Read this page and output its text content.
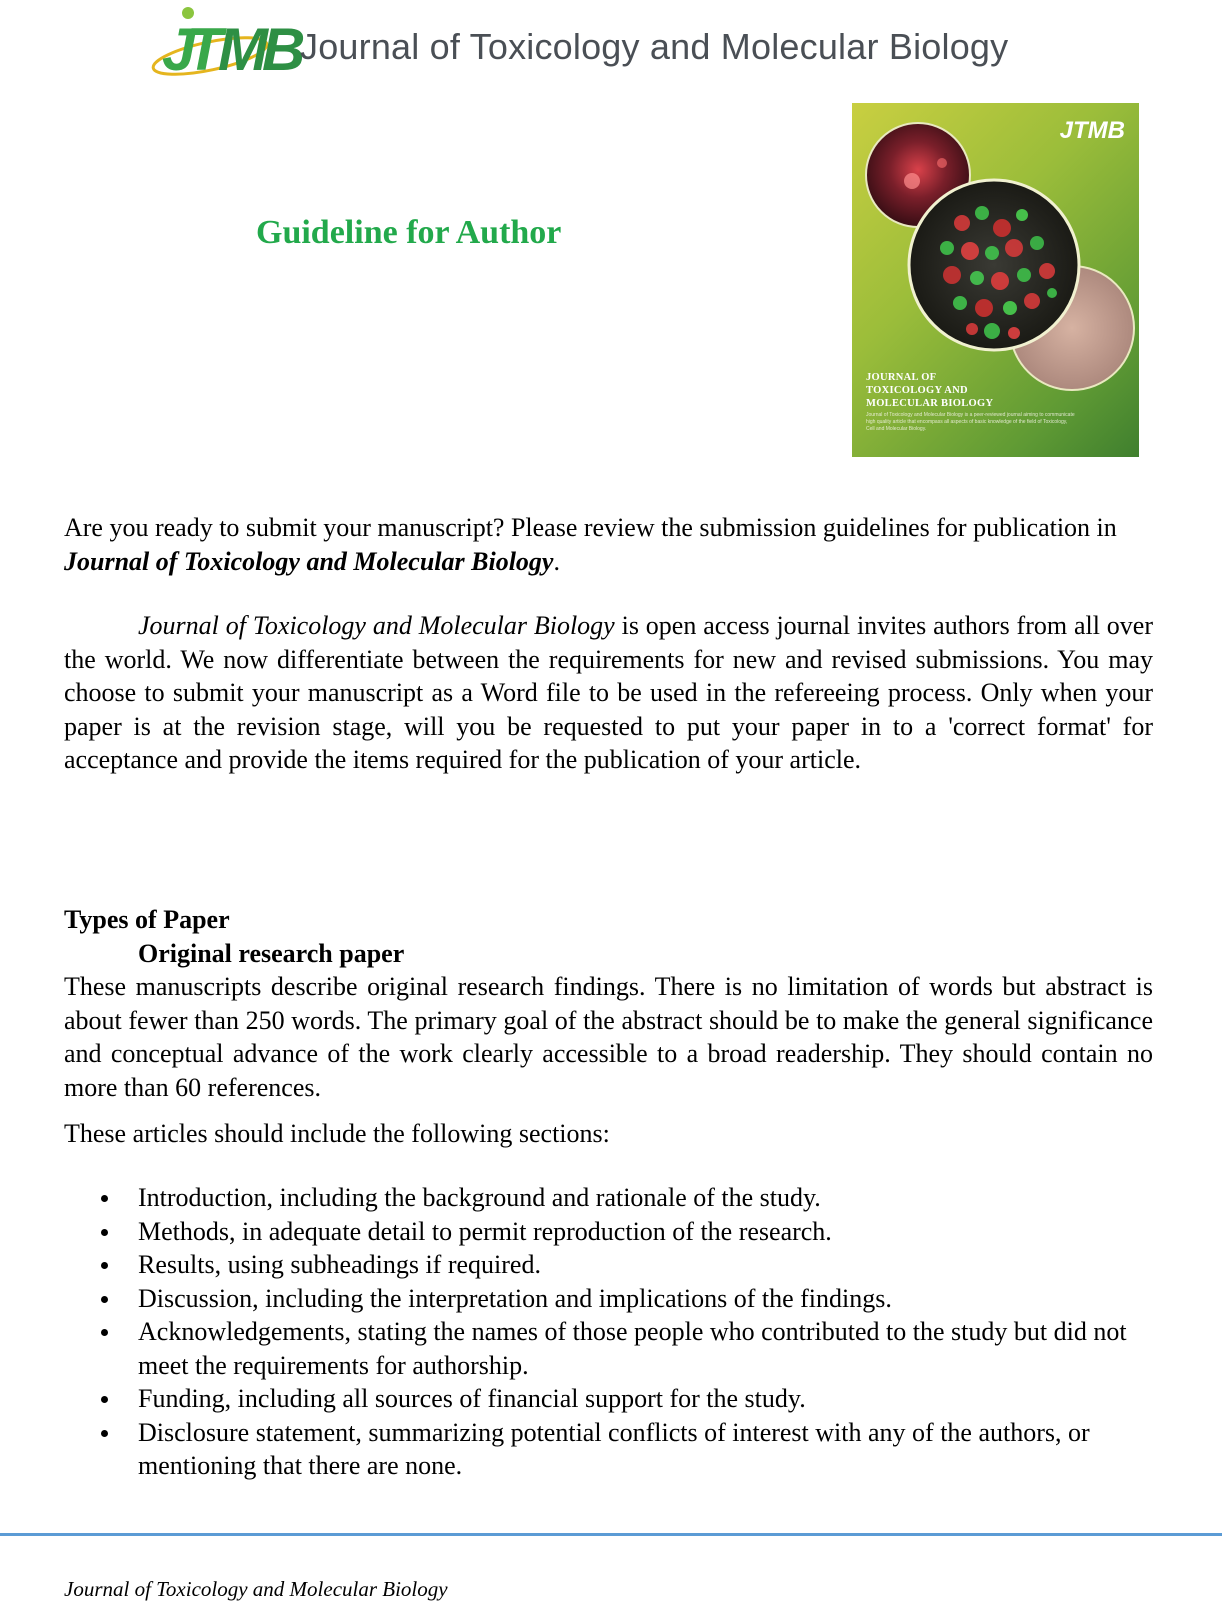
J
T
M
B
Journal of Toxicology and Molecular Biology
Guideline for Author
JTMB
JOURNAL OF
TOXICOLOGY AND
MOLECULAR BIOLOGY
Journal of Toxicology and Molecular Biology is a peer-reviewed journal aiming to communicate high quality article that encompass all aspects of basic knowledge of the field of Toxicology, Cell and Molecular Biology.

Are you ready to submit your manuscript? Please review the submission guidelines for publication in Journal of Toxicology and Molecular Biology.

Journal of Toxicology and Molecular Biology is open access journal invites authors from all over the world. We now differentiate between the requirements for new and revised submissions. You may choose to submit your manuscript as a Word file to be used in the refereeing process. Only when your paper is at the revision stage, will you be requested to put your paper in to a 'correct format' for acceptance and provide the items required for the publication of your article.

Types of Paper
Original research paper

These manuscripts describe original research findings. There is no limitation of words but abstract is about fewer than 250 words. The primary goal of the abstract should be to make the general significance and conceptual advance of the work clearly accessible to a broad readership. They should contain no more than 60 references.

These articles should include the following sections:

Introduction, including the background and rationale of the study.
Methods, in adequate detail to permit reproduction of the research.
Results, using subheadings if required.
Discussion, including the interpretation and implications of the findings.
Acknowledgements, stating the names of those people who contributed to the study but did not meet the requirements for authorship.
Funding, including all sources of financial support for the study.
Disclosure statement, summarizing potential conflicts of interest with any of the authors, or mentioning that there are none.
Journal of Toxicology and Molecular Biology
